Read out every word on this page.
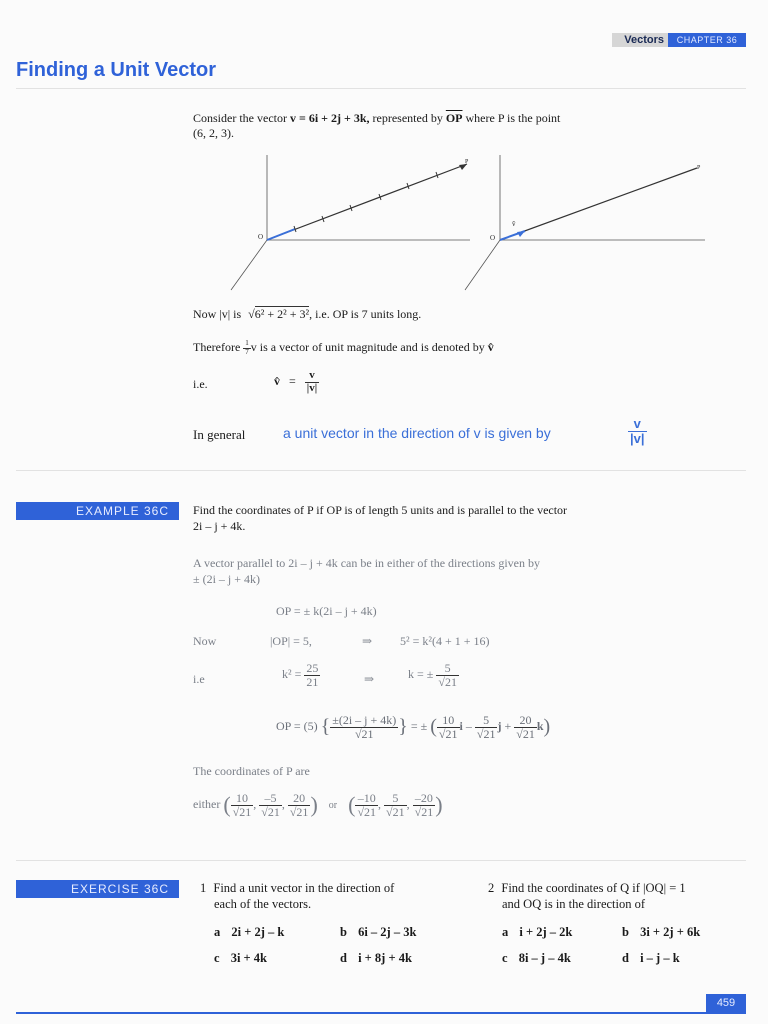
Vectors	CHAPTER 36
Finding a Unit Vector
Consider the vector v = 6i + 2j + 3k, represented by $\overline{OP}$ where P is the point
(6, 2, 3).
O
P
O
P
v̂
Now |v| is √6² + 2² + 3², i.e. OP is 7 units long.
Therefore $\frac{1}{7}$ v is a vector of unit magnitude and is denoted by v̂
i.e.	v̂ = $\frac{v}{|v|}$
In general	a unit vector in the direction of v is given by	$\frac{v}{|v|}$
EXAMPLE 36C	Find the coordinates of P if OP is of length 5 units and is parallel to the vector
2i – j + 4k.
A vector parallel to 2i – j + 4k can be in either of the directions given by
± (2i – j + 4k)
OP = ± k(2i – j + 4k)
Now	|OP| = 5,	⇒ 5² = k²(4 + 1 + 16)
i.e	$k^2 = \frac{25}{21}$	⇒	k = ± $\frac{5}{√21}$
OP = (5) { $\frac{\pm(2i - j + 4k)}{√21}$ } = ± ( $\frac{10}{√21}$ i – $\frac{5}{√21}$ $j + \frac{20}{√21} k$)
The coordinates of P are
either ( $\frac{10}{√21}$ , $\frac{-5}{√21}$ , $\frac{20}{√21}$ ) or ( $\frac{-10}{√21}$ , $\frac{5}{√21}$ , $\frac{-20}{√21}$ )
EXERCISE 36C	1 Find a unit vector in the direction of
each of the vectors.
a 2i + 2j – k	b 6i – 2j – 3k
c 3i + 4k	d i + 8j + 4k
2 Find the coordinates of Q if |OQ| = 1
and OQ is in the direction of
a i + 2j – 2k	b 3i + 2j + 6k
c 8i – j – 4k	d i – j – k
459
